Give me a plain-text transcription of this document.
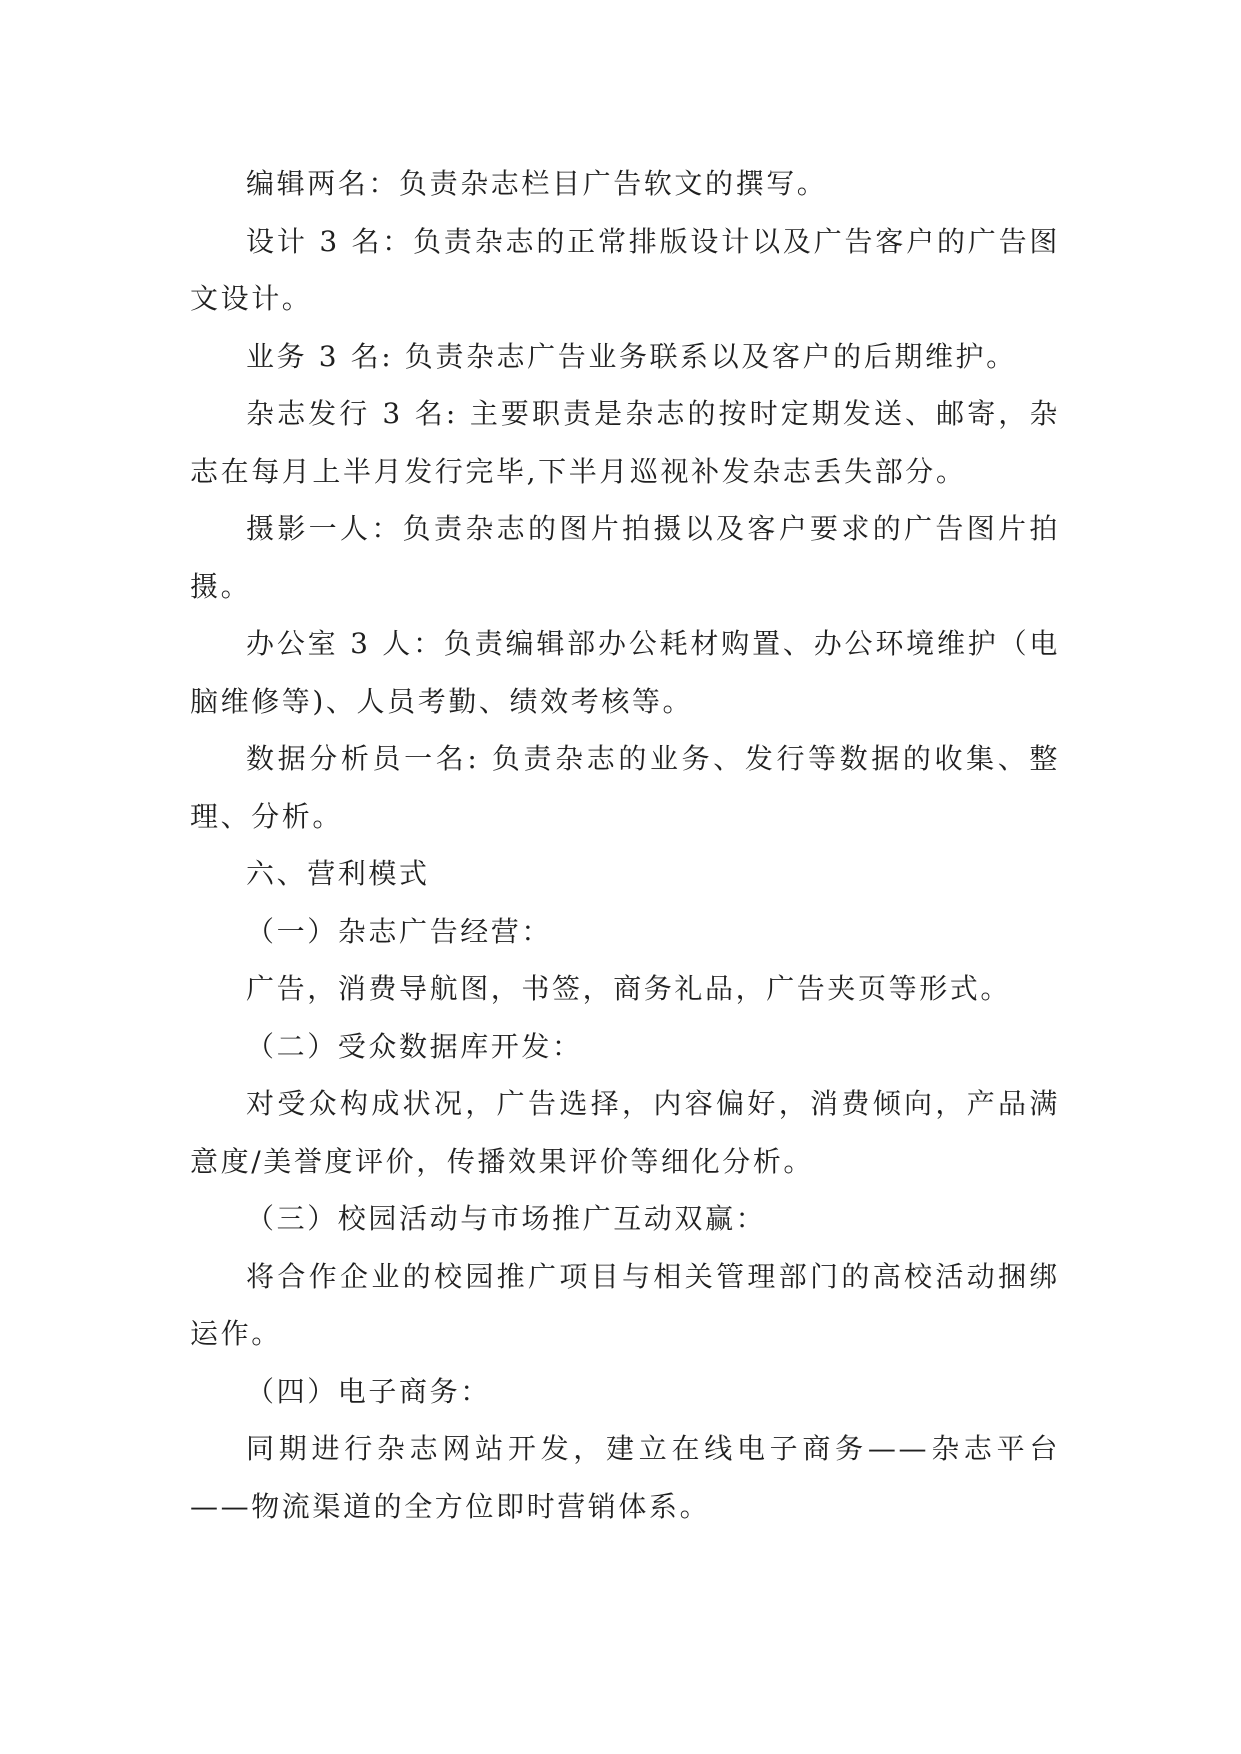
编辑两名：负责杂志栏目广告软文的撰写。

设计 3 名：负责杂志的正常排版设计以及广告客户的广告图文设计。

业务 3 名: 负责杂志广告业务联系以及客户的后期维护。

杂志发行 3 名: 主要职责是杂志的按时定期发送、邮寄，杂志在每月上半月发行完毕,下半月巡视补发杂志丢失部分。

摄影一人：负责杂志的图片拍摄以及客户要求的广告图片拍摄。

办公室 3 人：负责编辑部办公耗材购置、办公环境维护（电脑维修等)、人员考勤、绩效考核等。

数据分析员一名: 负责杂志的业务、发行等数据的收集、整理、分析。

六、营利模式

（一）杂志广告经营：

广告，消费导航图，书签，商务礼品，广告夹页等形式。

（二）受众数据库开发：

对受众构成状况，广告选择，内容偏好，消费倾向，产品满意度/美誉度评价，传播效果评价等细化分析。

（三）校园活动与市场推广互动双赢：

将合作企业的校园推广项目与相关管理部门的高校活动捆绑运作。

（四）电子商务：

同期进行杂志网站开发，建立在线电子商务——杂志平台——物流渠道的全方位即时营销体系。
